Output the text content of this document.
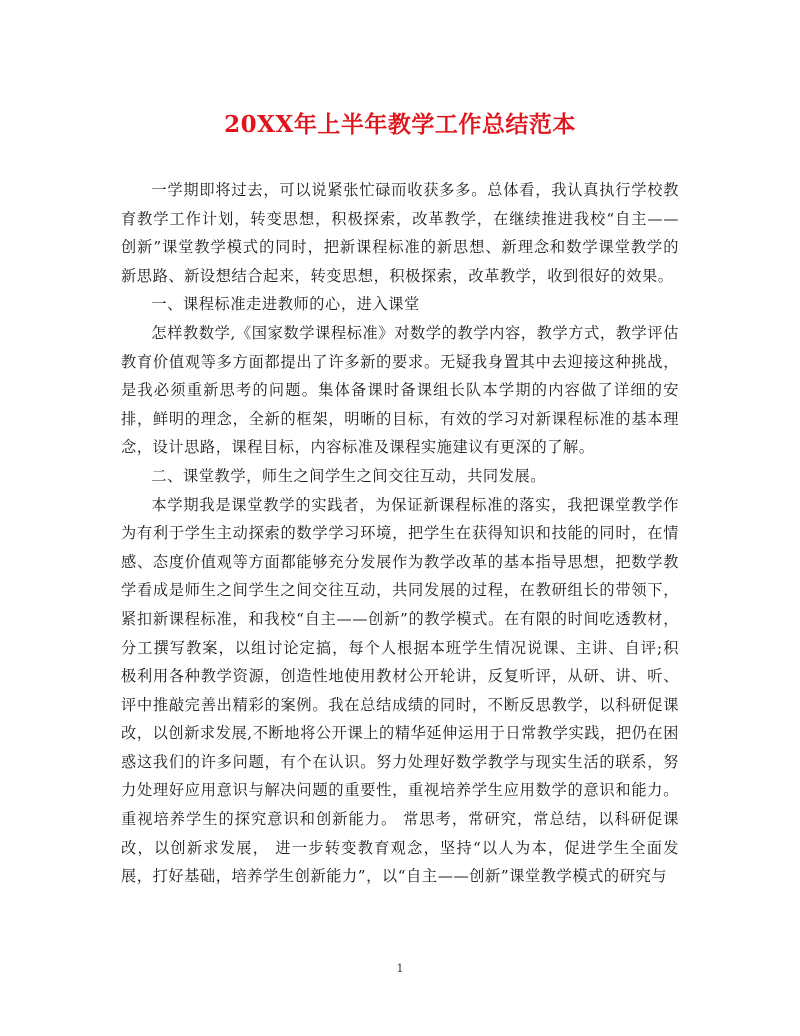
20XX年上半年教学工作总结范本

一学期即将过去，可以说紧张忙碌而收获多多。总体看，我认真执行学校教育教学工作计划，转变思想，积极探索，改革教学，在继续推进我校“自主——创新”课堂教学模式的同时，把新课程标准的新思想、新理念和数学课堂教学的新思路、新设想结合起来，转变思想，积极探索，改革教学，收到很好的效果。

一、课程标准走进教师的心，进入课堂

怎样教数学,《国家数学课程标准》对数学的教学内容，教学方式，教学评估教育价值观等多方面都提出了许多新的要求。无疑我身置其中去迎接这种挑战，是我必须重新思考的问题。集体备课时备课组长队本学期的内容做了详细的安排，鲜明的理念，全新的框架，明晰的目标，有效的学习对新课程标准的基本理念，设计思路，课程目标，内容标准及课程实施建议有更深的了解。

二、课堂教学，师生之间学生之间交往互动，共同发展。

本学期我是课堂教学的实践者，为保证新课程标准的落实，我把课堂教学作为有利于学生主动探索的数学学习环境，把学生在获得知识和技能的同时，在情感、态度价值观等方面都能够充分发展作为教学改革的基本指导思想，把数学教学看成是师生之间学生之间交往互动，共同发展的过程，在教研组长的带领下，紧扣新课程标准，和我校“自主——创新”的教学模式。在有限的时间吃透教材，分工撰写教案，以组讨论定搞，每个人根据本班学生情况说课、主讲、自评;积极利用各种教学资源，创造性地使用教材公开轮讲，反复听评，从研、讲、听、评中推敲完善出精彩的案例。我在总结成绩的同时，不断反思教学，以科研促课改，以创新求发展,不断地将公开课上的精华延伸运用于日常教学实践，把仍在困惑这我们的许多问题，有个在认识。努力处理好数学教学与现实生活的联系，努力处理好应用意识与解决问题的重要性，重视培养学生应用数学的意识和能力。重视培养学生的探究意识和创新能力。 常思考，常研究，常总结，以科研促课改，以创新求发展， 进一步转变教育观念，坚持“以人为本，促进学生全面发展，打好基础，培养学生创新能力”，以“自主——创新”课堂教学模式的研究与

1
